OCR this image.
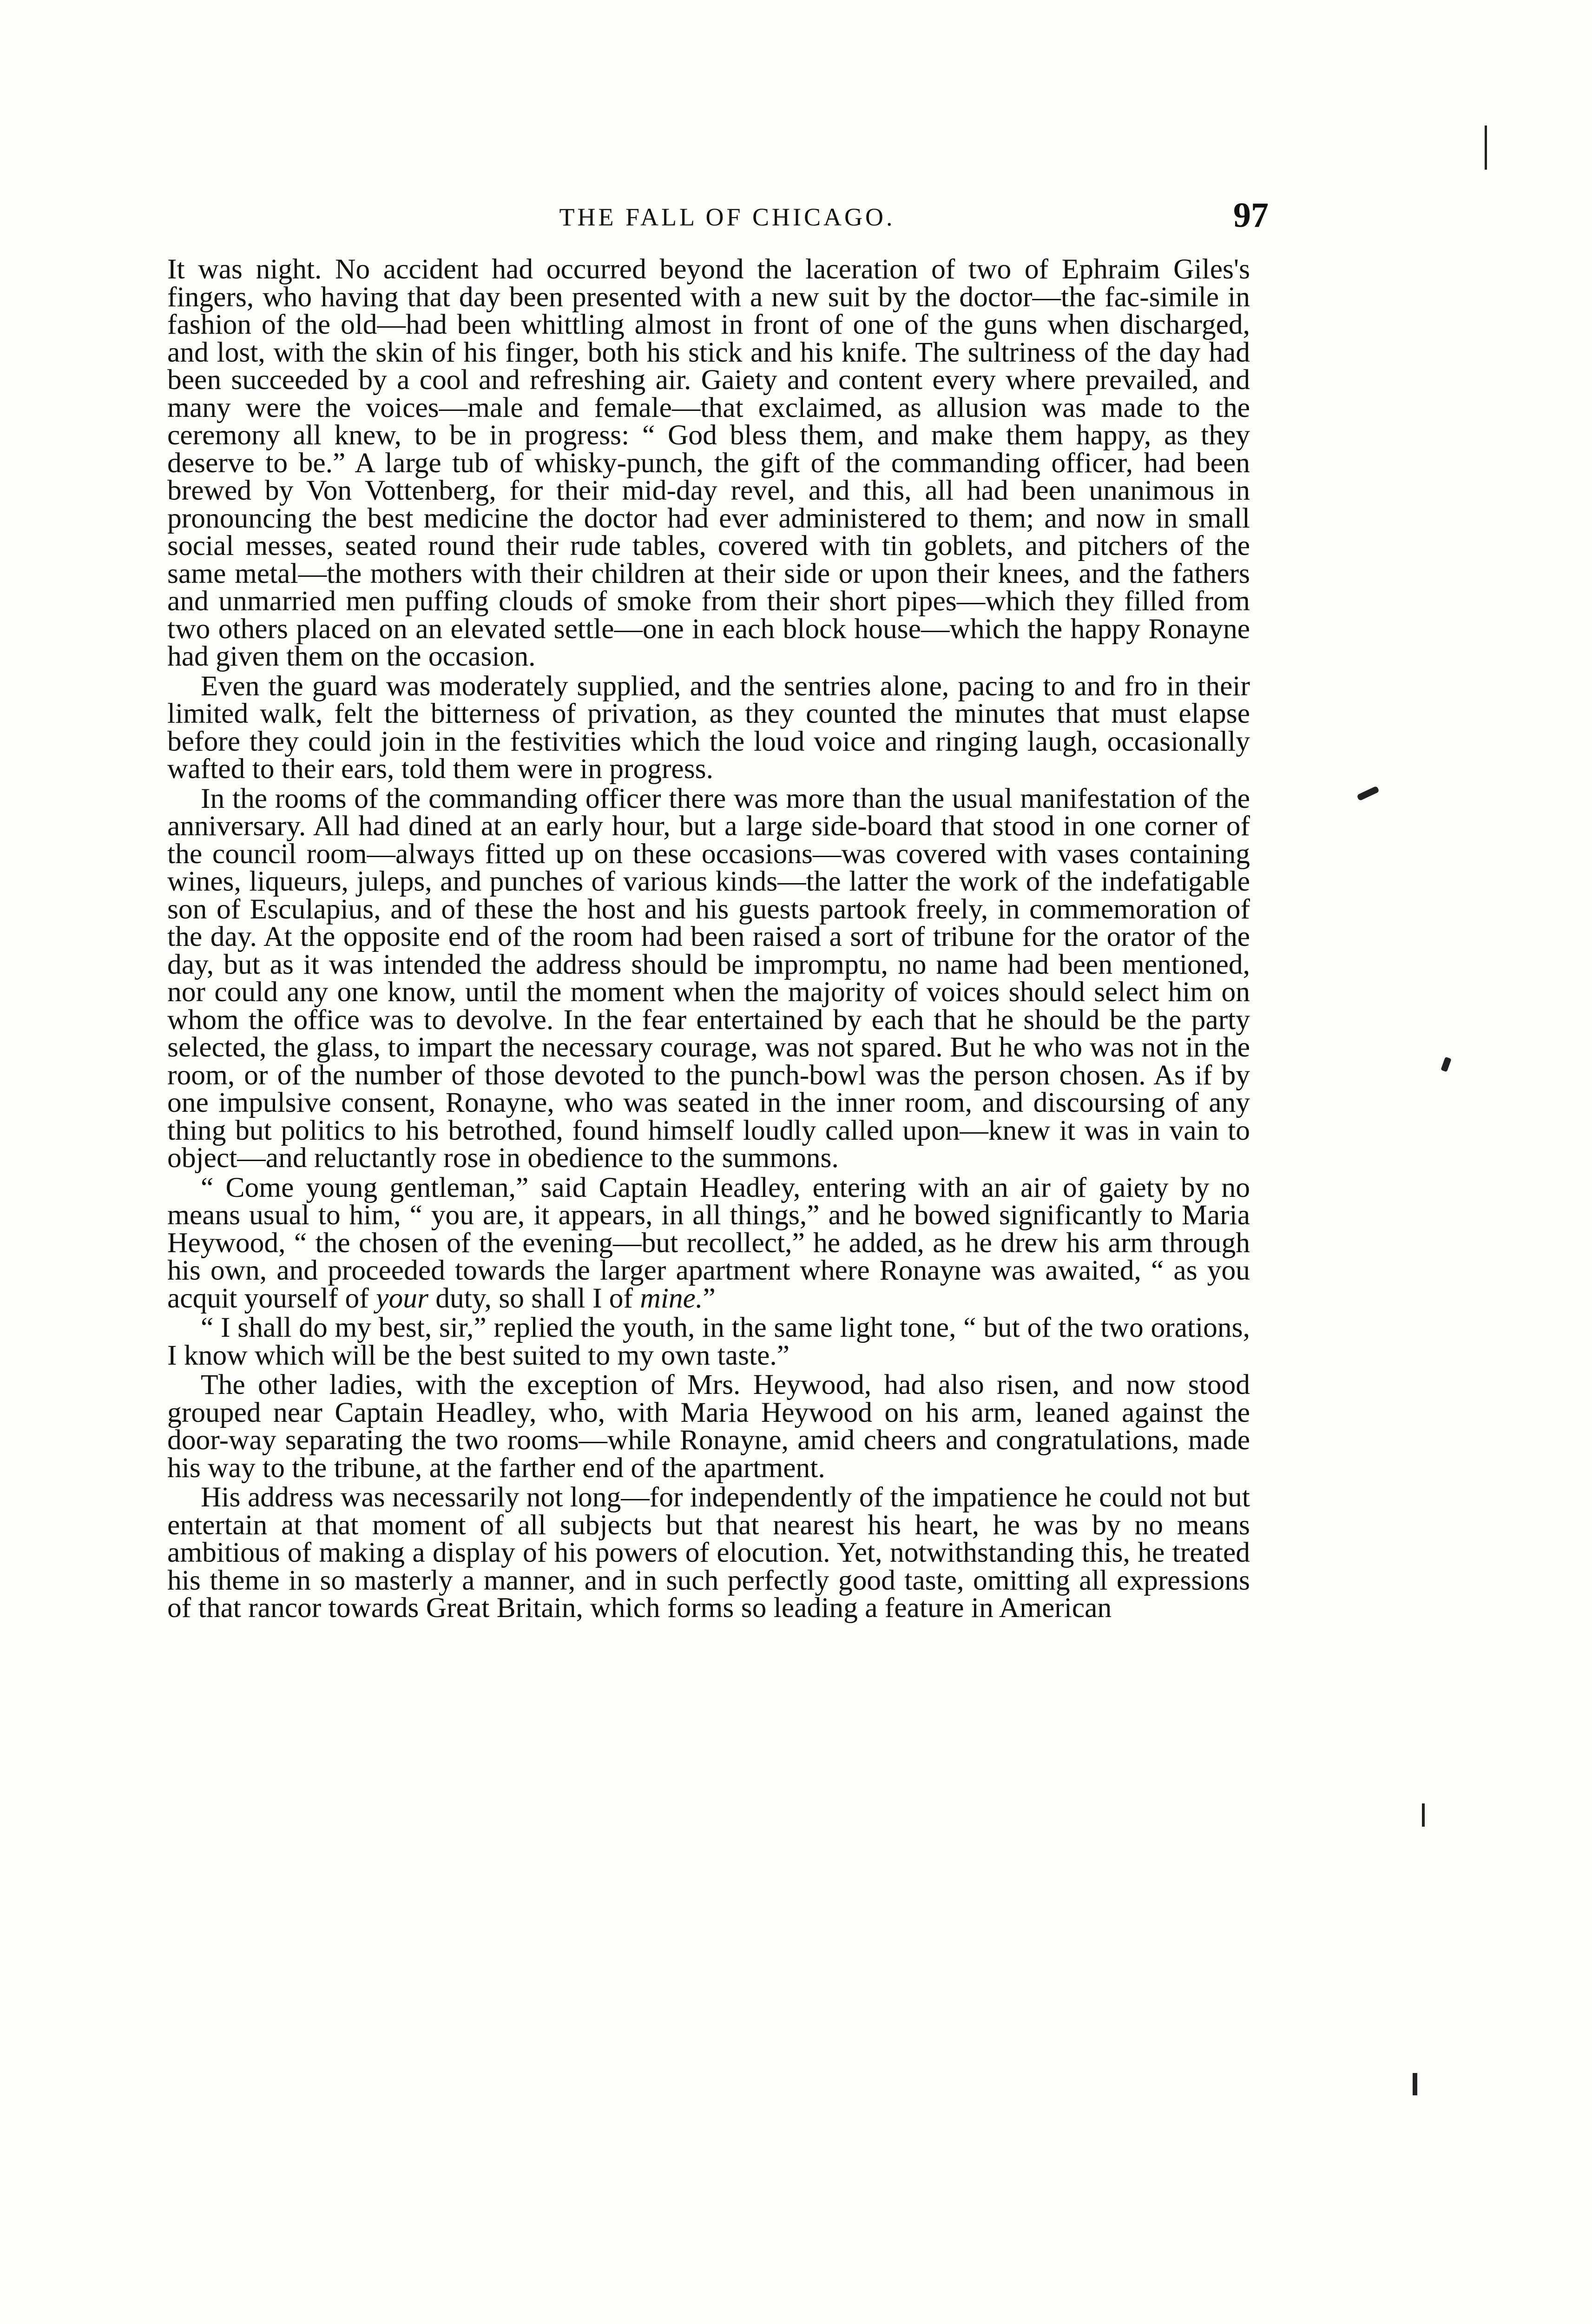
THE FALL OF CHICAGO.	97

It was night. No accident had occurred beyond the laceration of two of Ephraim Giles's fingers, who having that day been presented with a new suit by the doctor—the fac-simile in fashion of the old—had been whittling almost in front of one of the guns when discharged, and lost, with the skin of his finger, both his stick and his knife. The sultriness of the day had been succeeded by a cool and refreshing air. Gaiety and content every where prevailed, and many were the voices—male and female—that exclaimed, as allusion was made to the ceremony all knew, to be in progress: “ God bless them, and make them happy, as they deserve to be.” A large tub of whisky-punch, the gift of the commanding officer, had been brewed by Von Vottenberg, for their mid-day revel, and this, all had been unanimous in pronouncing the best medicine the doctor had ever administered to them; and now in small social messes, seated round their rude tables, covered with tin goblets, and pitchers of the same metal—the mothers with their children at their side or upon their knees, and the fathers and unmarried men puffing clouds of smoke from their short pipes—which they filled from two others placed on an elevated settle—one in each block house—which the happy Ronayne had given them on the occasion.

Even the guard was moderately supplied, and the sentries alone, pacing to and fro in their limited walk, felt the bitterness of privation, as they counted the minutes that must elapse before they could join in the festivities which the loud voice and ringing laugh, occasionally wafted to their ears, told them were in progress.

In the rooms of the commanding officer there was more than the usual manifestation of the anniversary. All had dined at an early hour, but a large side-board that stood in one corner of the council room—always fitted up on these occasions—was covered with vases containing wines, liqueurs, juleps, and punches of various kinds—the latter the work of the indefatigable son of Esculapius, and of these the host and his guests partook freely, in commemoration of the day. At the opposite end of the room had been raised a sort of tribune for the orator of the day, but as it was intended the address should be impromptu, no name had been mentioned, nor could any one know, until the moment when the majority of voices should select him on whom the office was to devolve. In the fear entertained by each that he should be the party selected, the glass, to impart the necessary courage, was not spared. But he who was not in the room, or of the number of those devoted to the punch-bowl was the person chosen. As if by one impulsive consent, Ronayne, who was seated in the inner room, and discoursing of any thing but politics to his betrothed, found himself loudly called upon—knew it was in vain to object—and reluctantly rose in obedience to the summons.

“ Come young gentleman,” said Captain Headley, entering with an air of gaiety by no means usual to him, “ you are, it appears, in all things,” and he bowed significantly to Maria Heywood, “ the chosen of the evening—but recollect,” he added, as he drew his arm through his own, and proceeded towards the larger apartment where Ronayne was awaited, “ as you acquit yourself of your duty, so shall I of mine.”

“ I shall do my best, sir,” replied the youth, in the same light tone, “ but of the two orations, I know which will be the best suited to my own taste.”

The other ladies, with the exception of Mrs. Heywood, had also risen, and now stood grouped near Captain Headley, who, with Maria Heywood on his arm, leaned against the door-way separating the two rooms—while Ronayne, amid cheers and congratulations, made his way to the tribune, at the farther end of the apartment.

His address was necessarily not long—for independently of the impatience he could not but entertain at that moment of all subjects but that nearest his heart, he was by no means ambitious of making a display of his powers of elocution. Yet, notwithstanding this, he treated his theme in so masterly a manner, and in such perfectly good taste, omitting all expressions of that rancor towards Great Britain, which forms so leading a feature in American
